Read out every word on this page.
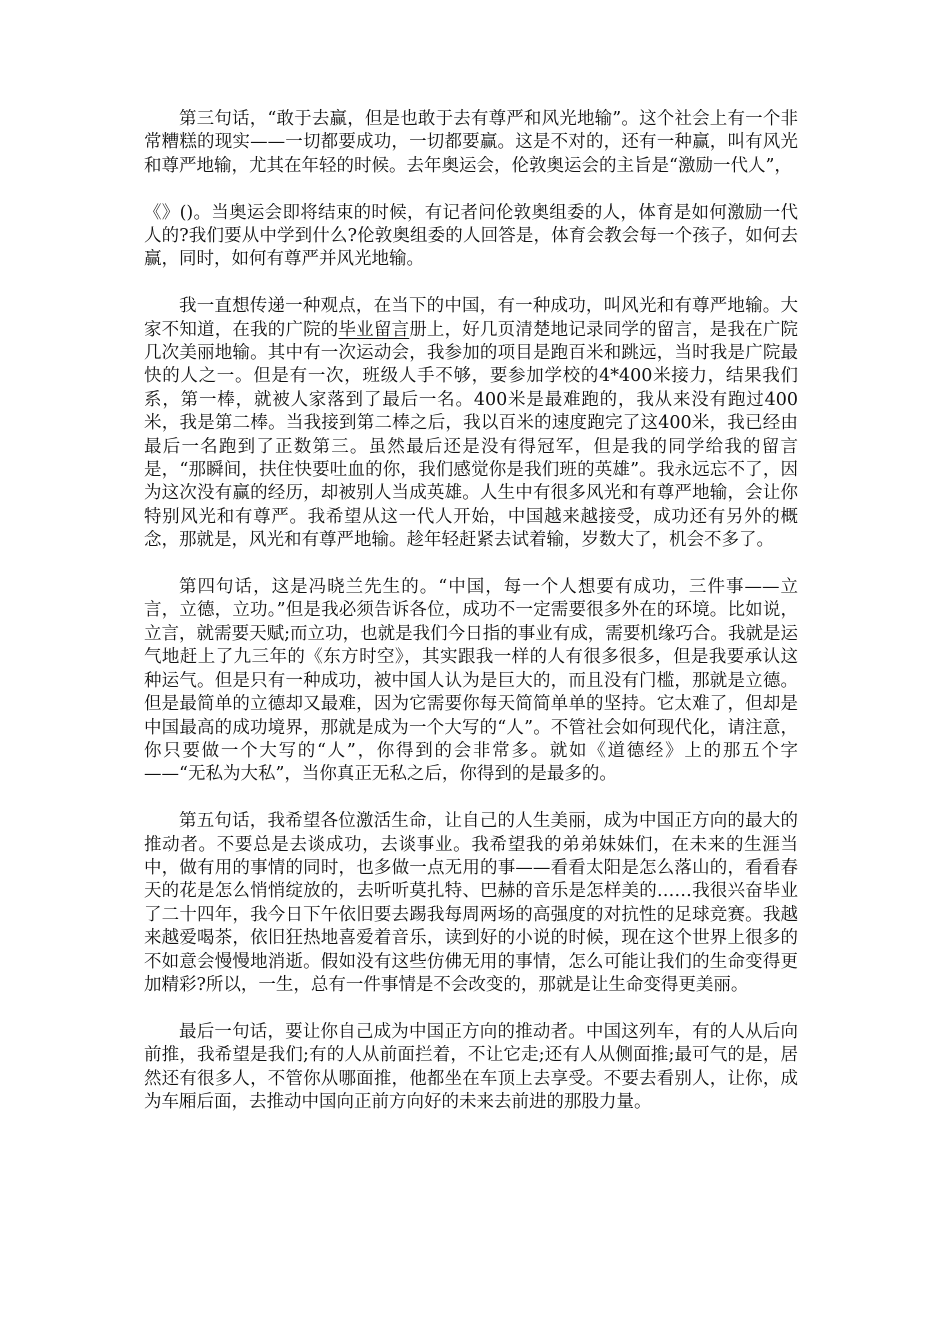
第三句话，“敢于去赢，但是也敢于去有尊严和风光地输”。这个社会上有一个非常糟糕的现实——一切都要成功，一切都要赢。这是不对的，还有一种赢，叫有风光和尊严地输，尤其在年轻的时候。去年奥运会，伦敦奥运会的主旨是“激励一代人”，

《》()。当奥运会即将结束的时候，有记者问伦敦奥组委的人，体育是如何激励一代人的?我们要从中学到什么?伦敦奥组委的人回答是，体育会教会每一个孩子，如何去赢，同时，如何有尊严并风光地输。

我一直想传递一种观点，在当下的中国，有一种成功，叫风光和有尊严地输。大家不知道，在我的广院的毕业留言册上，好几页清楚地记录同学的留言，是我在广院几次美丽地输。其中有一次运动会，我参加的项目是跑百米和跳远，当时我是广院最快的人之一。但是有一次，班级人手不够，要参加学校的4*400米接力，结果我们系，第一棒，就被人家落到了最后一名。400米是最难跑的，我从来没有跑过400米，我是第二棒。当我接到第二棒之后，我以百米的速度跑完了这400米，我已经由最后一名跑到了正数第三。虽然最后还是没有得冠军，但是我的同学给我的留言是，“那瞬间，扶住快要吐血的你，我们感觉你是我们班的英雄”。我永远忘不了，因为这次没有赢的经历，却被别人当成英雄。人生中有很多风光和有尊严地输，会让你特别风光和有尊严。我希望从这一代人开始，中国越来越接受，成功还有另外的概念，那就是，风光和有尊严地输。趁年轻赶紧去试着输，岁数大了，机会不多了。

第四句话，这是冯晓兰先生的。“中国，每一个人想要有成功，三件事——立言，立德，立功。”但是我必须告诉各位，成功不一定需要很多外在的环境。比如说，立言，就需要天赋;而立功，也就是我们今日指的事业有成，需要机缘巧合。我就是运气地赶上了九三年的《东方时空》，其实跟我一样的人有很多很多，但是我要承认这种运气。但是只有一种成功，被中国人认为是巨大的，而且没有门槛，那就是立德。但是最简单的立德却又最难，因为它需要你每天简简单单的坚持。它太难了，但却是中国最高的成功境界，那就是成为一个大写的“人”。不管社会如何现代化，请注意，你只要做一个大写的“人”，你得到的会非常多。就如《道德经》上的那五个字——“无私为大私”，当你真正无私之后，你得到的是最多的。

第五句话，我希望各位激活生命，让自己的人生美丽，成为中国正方向的最大的推动者。不要总是去谈成功，去谈事业。我希望我的弟弟妹妹们，在未来的生涯当中，做有用的事情的同时，也多做一点无用的事——看看太阳是怎么落山的，看看春天的花是怎么悄悄绽放的，去听听莫扎特、巴赫的音乐是怎样美的……我很兴奋毕业了二十四年，我今日下午依旧要去踢我每周两场的高强度的对抗性的足球竞赛。我越来越爱喝茶，依旧狂热地喜爱着音乐，读到好的小说的时候，现在这个世界上很多的不如意会慢慢地消逝。假如没有这些仿佛无用的事情，怎么可能让我们的生命变得更加精彩?所以，一生，总有一件事情是不会改变的，那就是让生命变得更美丽。

最后一句话，要让你自己成为中国正方向的推动者。中国这列车，有的人从后向前推，我希望是我们;有的人从前面拦着，不让它走;还有人从侧面推;最可气的是，居然还有很多人，不管你从哪面推，他都坐在车顶上去享受。不要去看别人，让你，成为车厢后面，去推动中国向正前方向好的未来去前进的那股力量。
